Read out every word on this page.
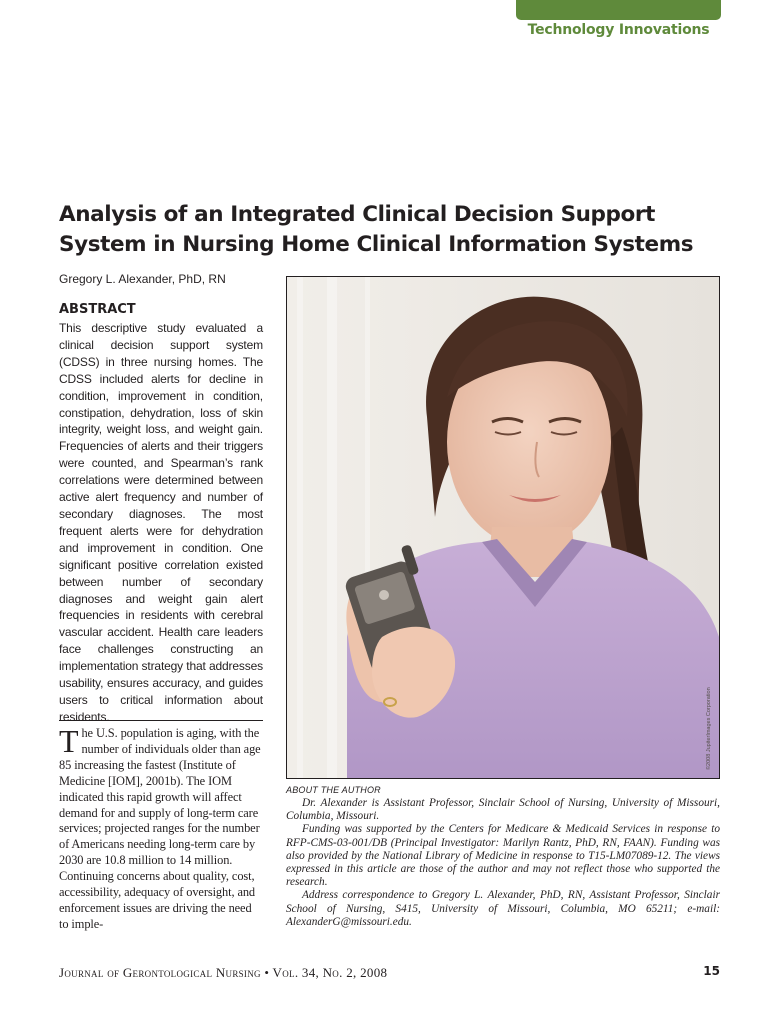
Technology Innovations
Analysis of an Integrated Clinical Decision Support System in Nursing Home Clinical Information Systems
Gregory L. Alexander, PhD, RN
ABSTRACT

This descriptive study evaluated a clinical decision support system (CDSS) in three nursing homes. The CDSS included alerts for decline in condition, improvement in condition, constipation, dehydration, loss of skin integrity, weight loss, and weight gain. Frequencies of alerts and their triggers were counted, and Spearman’s rank correlations were determined between active alert frequency and number of secondary diagnoses. The most frequent alerts were for dehydration and improvement in condition. One significant positive correlation existed between number of secondary diagnoses and weight gain alert frequencies in residents with cerebral vascular accident. Health care leaders face challenges constructing an implementation strategy that addresses usability, ensures accuracy, and guides users to critical information about residents.

The U.S. population is aging, with the number of individuals older than age 85 increasing the fastest (Institute of Medicine [IOM], 2001b). The IOM indicated this rapid growth will affect demand for and supply of long-term care services; projected ranges for the number of Americans needing long-term care by 2030 are 10.8 million to 14 million. Continuing concerns about quality, cost, accessibility, adequacy of oversight, and enforcement issues are driving the need to imple-

©2008 JupiterImages Corporation
ABOUT THE AUTHOR

Dr. Alexander is Assistant Professor, Sinclair School of Nursing, University of Missouri, Columbia, Missouri.

Funding was supported by the Centers for Medicare & Medicaid Services in response to RFP-CMS-03-001/DB (Principal Investigator: Marilyn Rantz, PhD, RN, FAAN). Funding was also provided by the National Library of Medicine in response to T15-LM07089-12. The views expressed in this article are those of the author and may not reflect those who supported the research.

Address correspondence to Gregory L. Alexander, PhD, RN, Assistant Professor, Sinclair School of Nursing, S415, University of Missouri, Columbia, MO 65211; e-mail: AlexanderG@missouri.edu.

Journal of Gerontological Nursing • Vol. 34, No. 2, 2008	15
